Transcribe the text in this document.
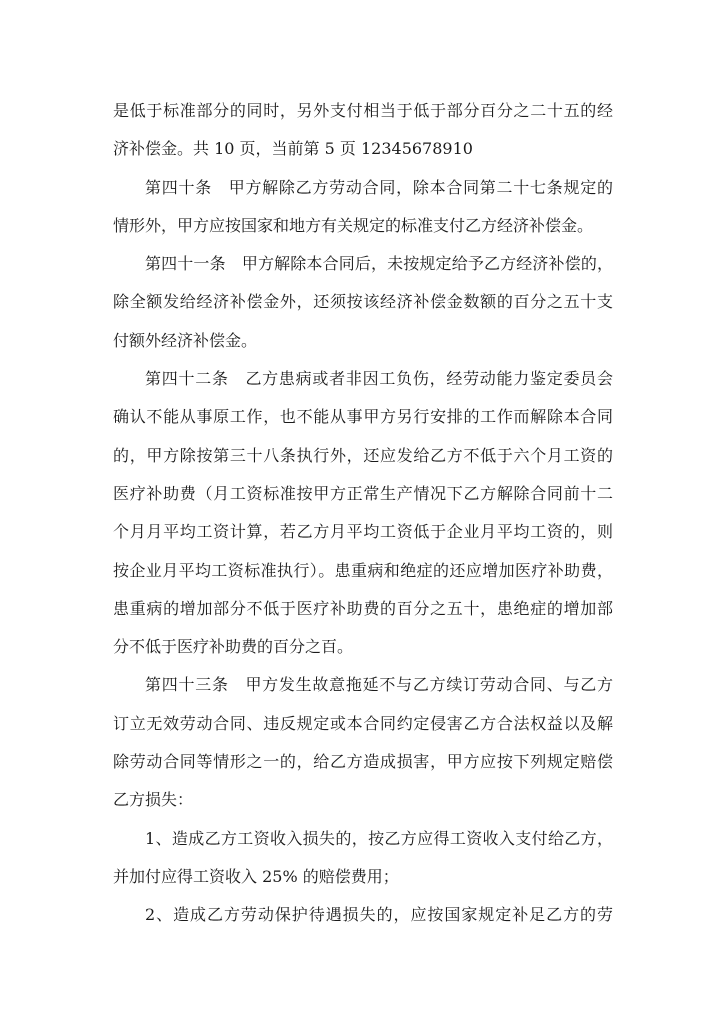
是低于标准部分的同时，另外支付相当于低于部分百分之二十五的经

济补偿金。共 10 页，当前第 5 页 12345678910

第四十条　甲方解除乙方劳动合同，除本合同第二十七条规定的

情形外，甲方应按国家和地方有关规定的标准支付乙方经济补偿金。

第四十一条　甲方解除本合同后，未按规定给予乙方经济补偿的，

除全额发给经济补偿金外，还须按该经济补偿金数额的百分之五十支

付额外经济补偿金。

第四十二条　乙方患病或者非因工负伤，经劳动能力鉴定委员会

确认不能从事原工作，也不能从事甲方另行安排的工作而解除本合同

的，甲方除按第三十八条执行外，还应发给乙方不低于六个月工资的

医疗补助费（月工资标准按甲方正常生产情况下乙方解除合同前十二

个月月平均工资计算，若乙方月平均工资低于企业月平均工资的，则

按企业月平均工资标准执行）。患重病和绝症的还应增加医疗补助费，

患重病的增加部分不低于医疗补助费的百分之五十，患绝症的增加部

分不低于医疗补助费的百分之百。

第四十三条　甲方发生故意拖延不与乙方续订劳动合同、与乙方

订立无效劳动合同、违反规定或本合同约定侵害乙方合法权益以及解

除劳动合同等情形之一的，给乙方造成损害，甲方应按下列规定赔偿

乙方损失：

1、造成乙方工资收入损失的，按乙方应得工资收入支付给乙方，

并加付应得工资收入 25% 的赔偿费用；

2、造成乙方劳动保护待遇损失的，应按国家规定补足乙方的劳
